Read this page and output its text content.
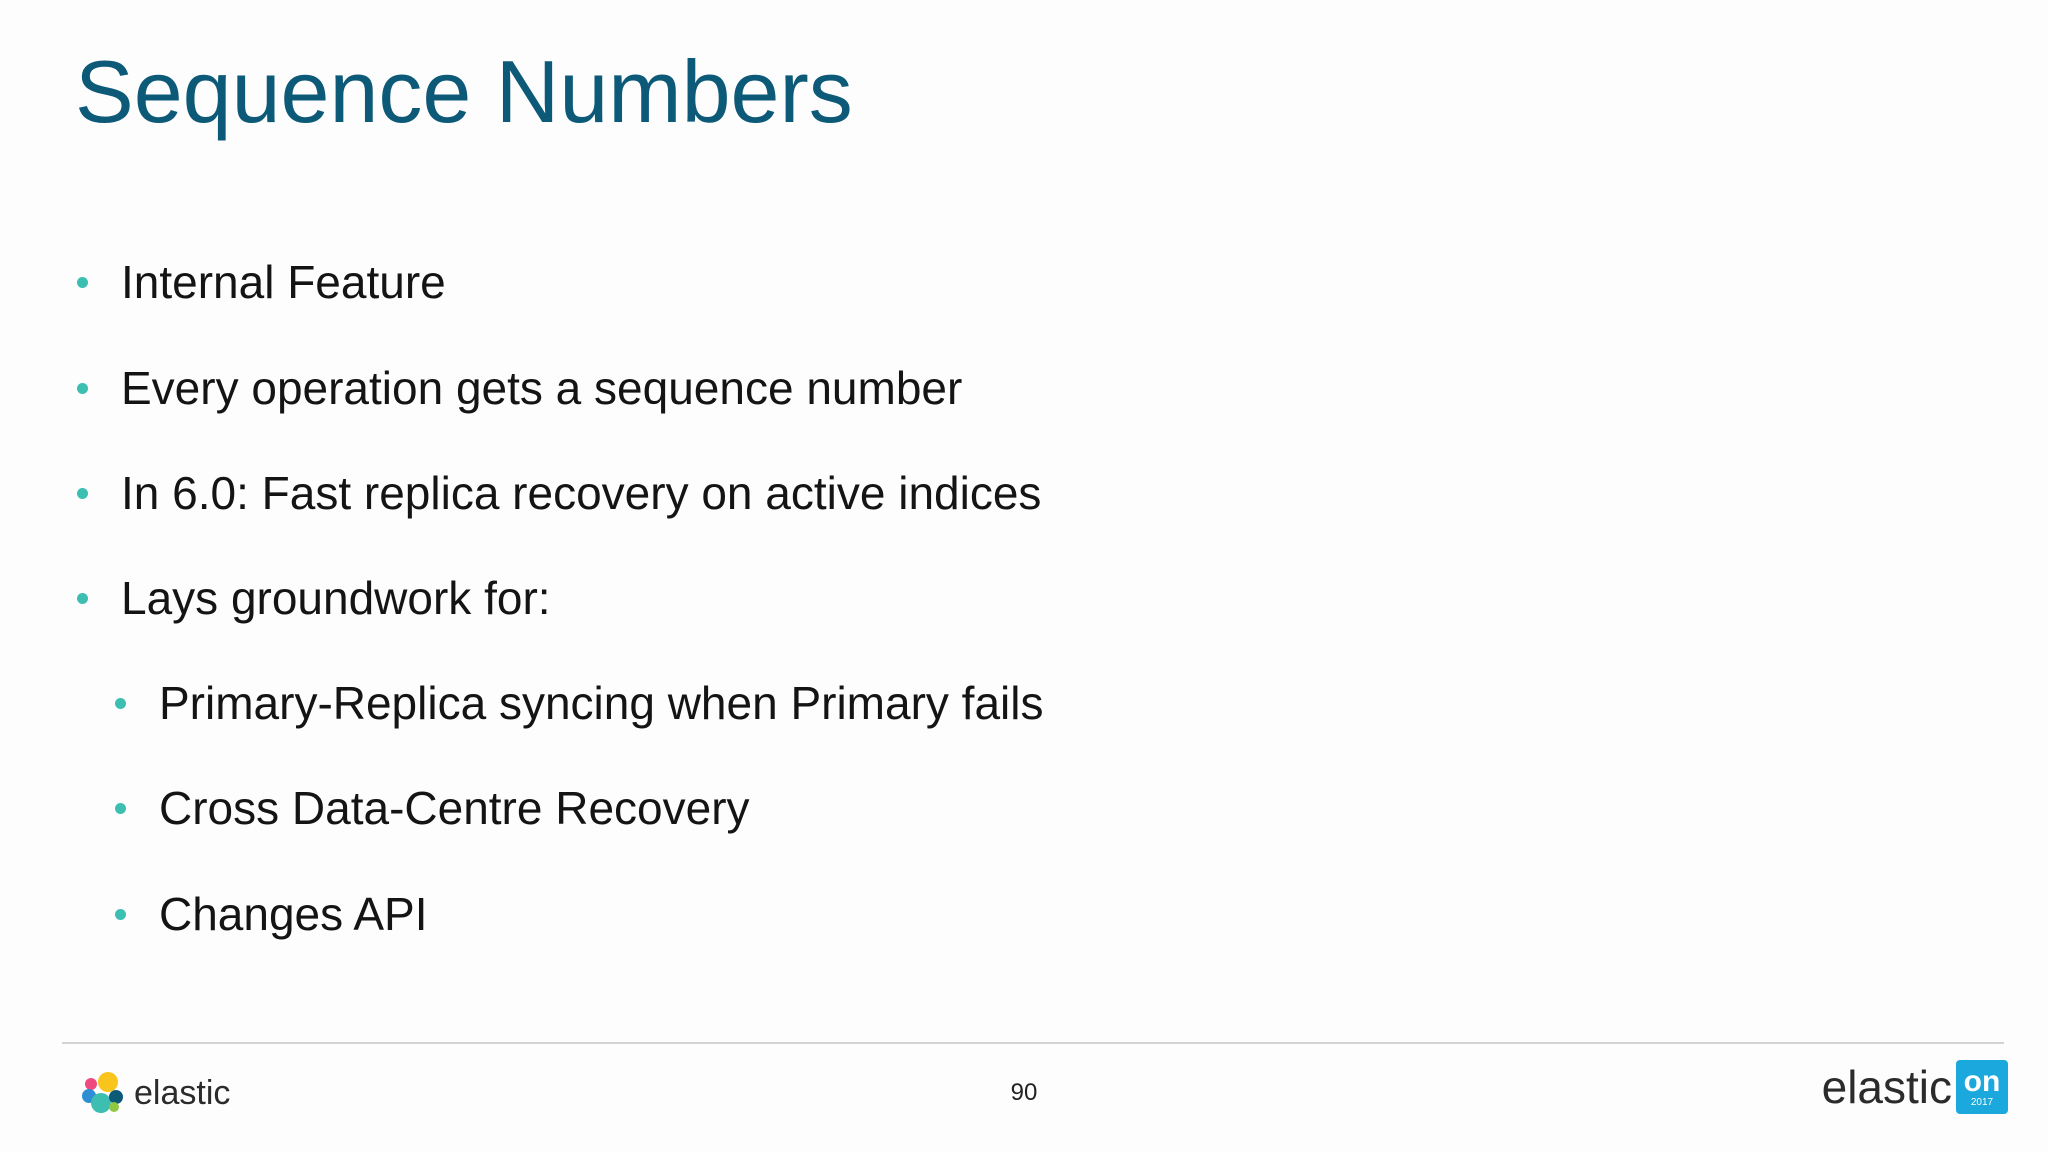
Sequence Numbers
Internal Feature
Every operation gets a sequence number
In 6.0: Fast replica recovery on active indices
Lays groundwork for:
Primary-Replica syncing when Primary fails
Cross Data-Centre Recovery
Changes API
elastic	90	elastic on
2017
